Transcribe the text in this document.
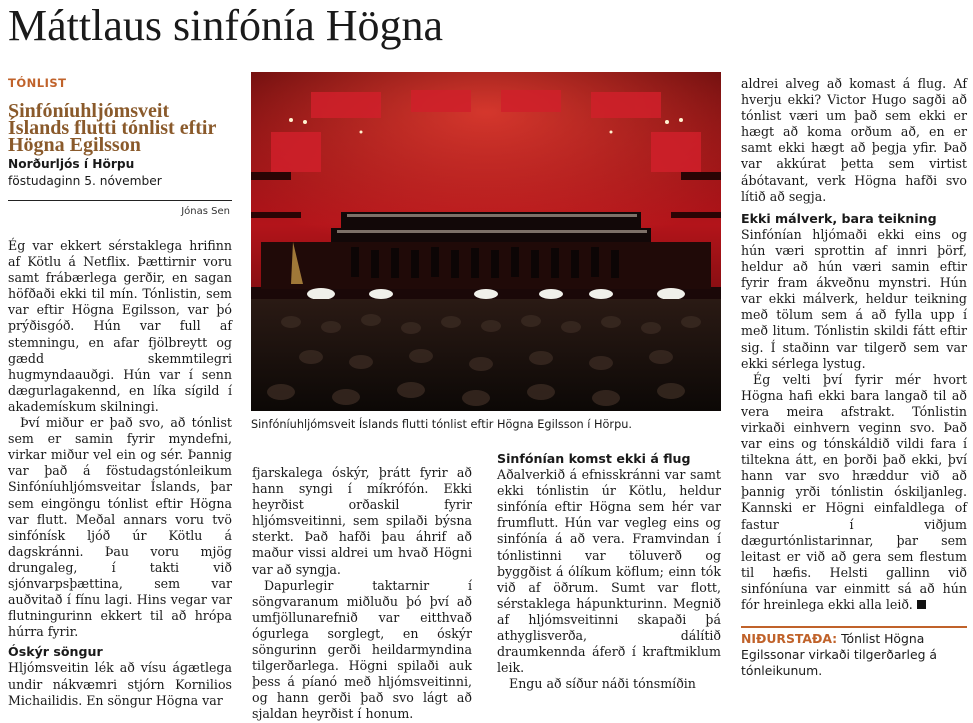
Máttlaus sinfónía Högna
TÓNLIST
Sinfóníuhljómsveit Íslands flutti tónlist eftir Högna Egilsson
Norðurljós í Hörpu
föstudaginn 5. nóvember
Jónas Sen

Ég var ekkert sérstaklega hrifinn af Kötlu á Netflix. Þættirnir voru samt frábærlega gerðir, en sagan höfðaði ekki til mín. Tónlistin, sem var eftir Högna Egilsson, var þó prýðisgóð. Hún var full af stemningu, en afar fjölbreytt og gædd skemmtilegri hugmyndaauðgi. Hún var í senn dægurlagakennd, en líka sígild í akademískum skilningi.

Því miður er það svo, að tónlist sem er samin fyrir myndefni, virkar miður vel ein og sér. Þannig var það á föstudagstónleikum Sinfóníuhljómsveitar Íslands, þar sem eingöngu tónlist eftir Högna var flutt. Meðal annars voru tvö sinfónísk ljóð úr Kötlu á dagskránni. Þau voru mjög drungaleg, í takti við sjónvarpsþættina, sem var auðvitað í fínu lagi. Hins vegar var flutningurinn ekkert til að hrópa húrra fyrir.

Óskýr söngur

Hljómsveitin lék að vísu ágætlega undir nákvæmri stjórn Kornilios Michailidis. En söngur Högna var

Sinfóníuhljómsveit Íslands flutti tónlist eftir Högna Egilsson í Hörpu.

fjarskalega óskýr, þrátt fyrir að hann syngi í míkrófón. Ekki heyrðist orðaskil fyrir hljómsveitinni, sem spilaði býsna sterkt. Það hafði þau áhrif að maður vissi aldrei um hvað Högni var að syngja.

Dapurlegir taktarnir í söngvaranum miðluðu þó því að umfjöllunarefnið var eitthvað ógurlega sorglegt, en óskýr söngurinn gerði heildarmyndina tilgerðarlega. Högni spilaði auk þess á píanó með hljómsveitinni, og hann gerði það svo lágt að sjaldan heyrðist í honum.

Sinfónían komst ekki á flug

Aðalverkið á efnisskránni var samt ekki tónlistin úr Kötlu, heldur sinfónía eftir Högna sem hér var frumflutt. Hún var vegleg eins og sinfónía á að vera. Framvindan í tónlistinni var töluverð og byggðist á ólíkum köflum; einn tók við af öðrum. Sumt var flott, sérstaklega hápunkturinn. Megnið af hljómsveitinni skapaði þá athyglisverða, dálítið draumkennda áferð í kraftmiklum leik.

Engu að síður náði tónsmíðin

aldrei alveg að komast á flug. Af hverju ekki? Victor Hugo sagði að tónlist væri um það sem ekki er hægt að koma orðum að, en er samt ekki hægt að þegja yfir. Það var akkúrat þetta sem virtist ábótavant, verk Högna hafði svo lítið að segja.

Ekki málverk, bara teikning

Sinfónían hljómaði ekki eins og hún væri sprottin af innri þörf, heldur að hún væri samin eftir fyrir fram ákveðnu mynstri. Hún var ekki málverk, heldur teikning með tölum sem á að fylla upp í með litum. Tónlistin skildi fátt eftir sig. Í staðinn var tilgerð sem var ekki sérlega lystug.

Ég velti því fyrir mér hvort Högna hafi ekki bara langað til að vera meira afstrakt. Tónlistin virkaði einhvern veginn svo. Það var eins og tónskáldið vildi fara í tiltekna átt, en þorði það ekki, því hann var svo hræddur við að þannig yrði tónlistin óskiljanleg. Kannski er Högni einfaldlega of fastur í viðjum dægurtónlistarinnar, þar sem leitast er við að gera sem flestum til hæfis. Helsti gallinn við sinfóníuna var einmitt sá að hún fór hreinlega ekki alla leið.

NIÐURSTAÐA: Tónlist Högna Egilssonar virkaði tilgerðarleg á tónleikunum.
